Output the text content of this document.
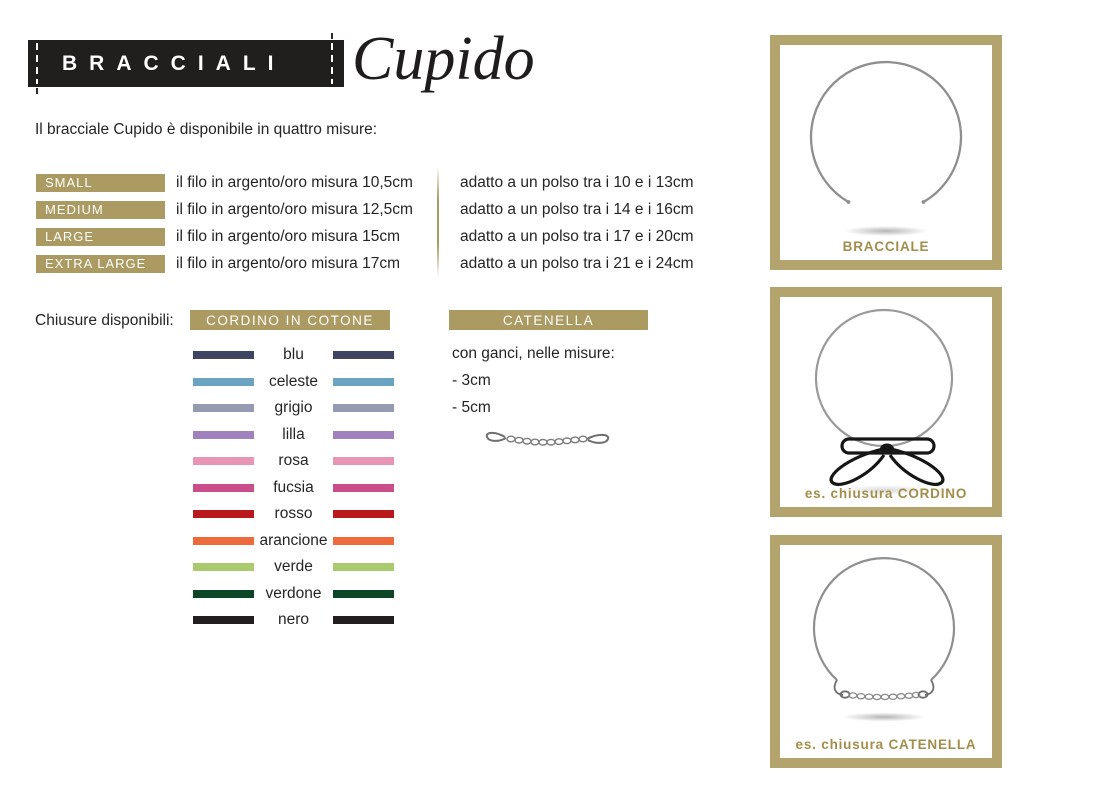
BRACCIALI Cupido
Il bracciale Cupido è disponibile in quattro misure:
SMALL	il filo in argento/oro misura 10,5cm	adatto a un polso tra i 10 e i 13cm
MEDIUM	il filo in argento/oro misura 12,5cm	adatto a un polso tra i 14 e i 16cm
LARGE	il filo in argento/oro misura 15cm	adatto a un polso tra i 17 e i 20cm
EXTRA LARGE	il filo in argento/oro misura 17cm	adatto a un polso tra i 21 e i 24cm
Chiusure disponibili:	CORDINO IN COTONE	CATENELLA
blu
celeste
grigio
lilla
rosa
fucsia
rosso
arancione
verde
verdone
nero
con ganci, nelle misure:
- 3cm
- 5cm
BRACCIALE
es. chiusura CORDINO
es. chiusura CATENELLA
